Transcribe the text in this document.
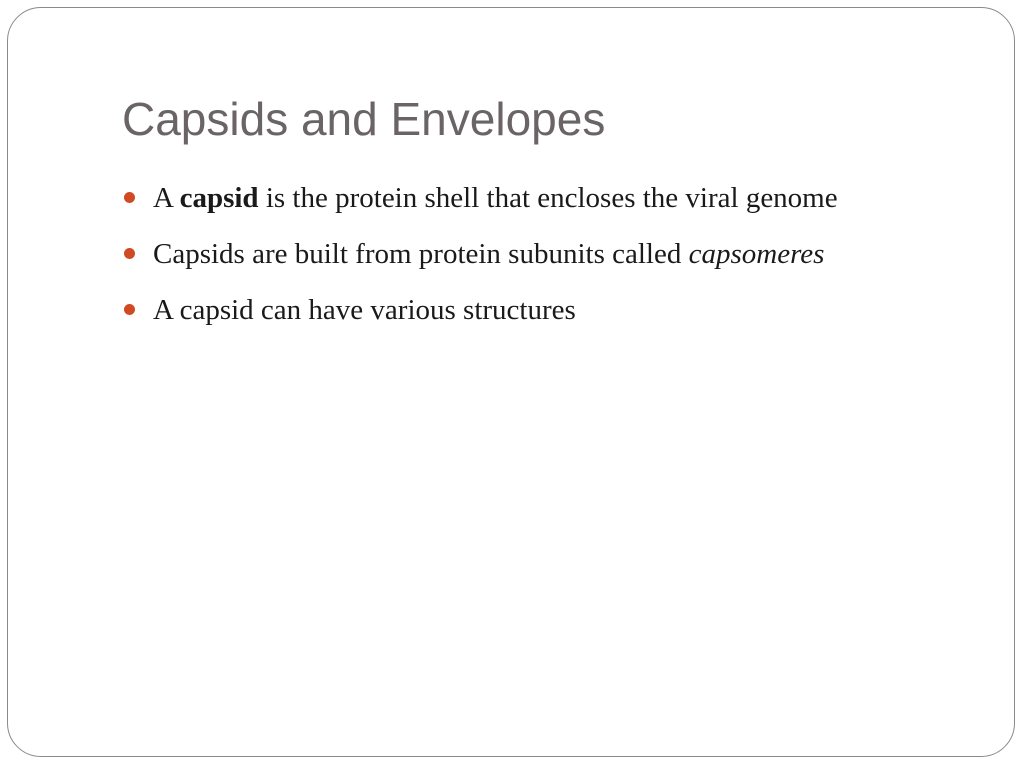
Capsids and Envelopes
A capsid is the protein shell that encloses the viral genome
Capsids are built from protein subunits called capsomeres
A capsid can have various structures
